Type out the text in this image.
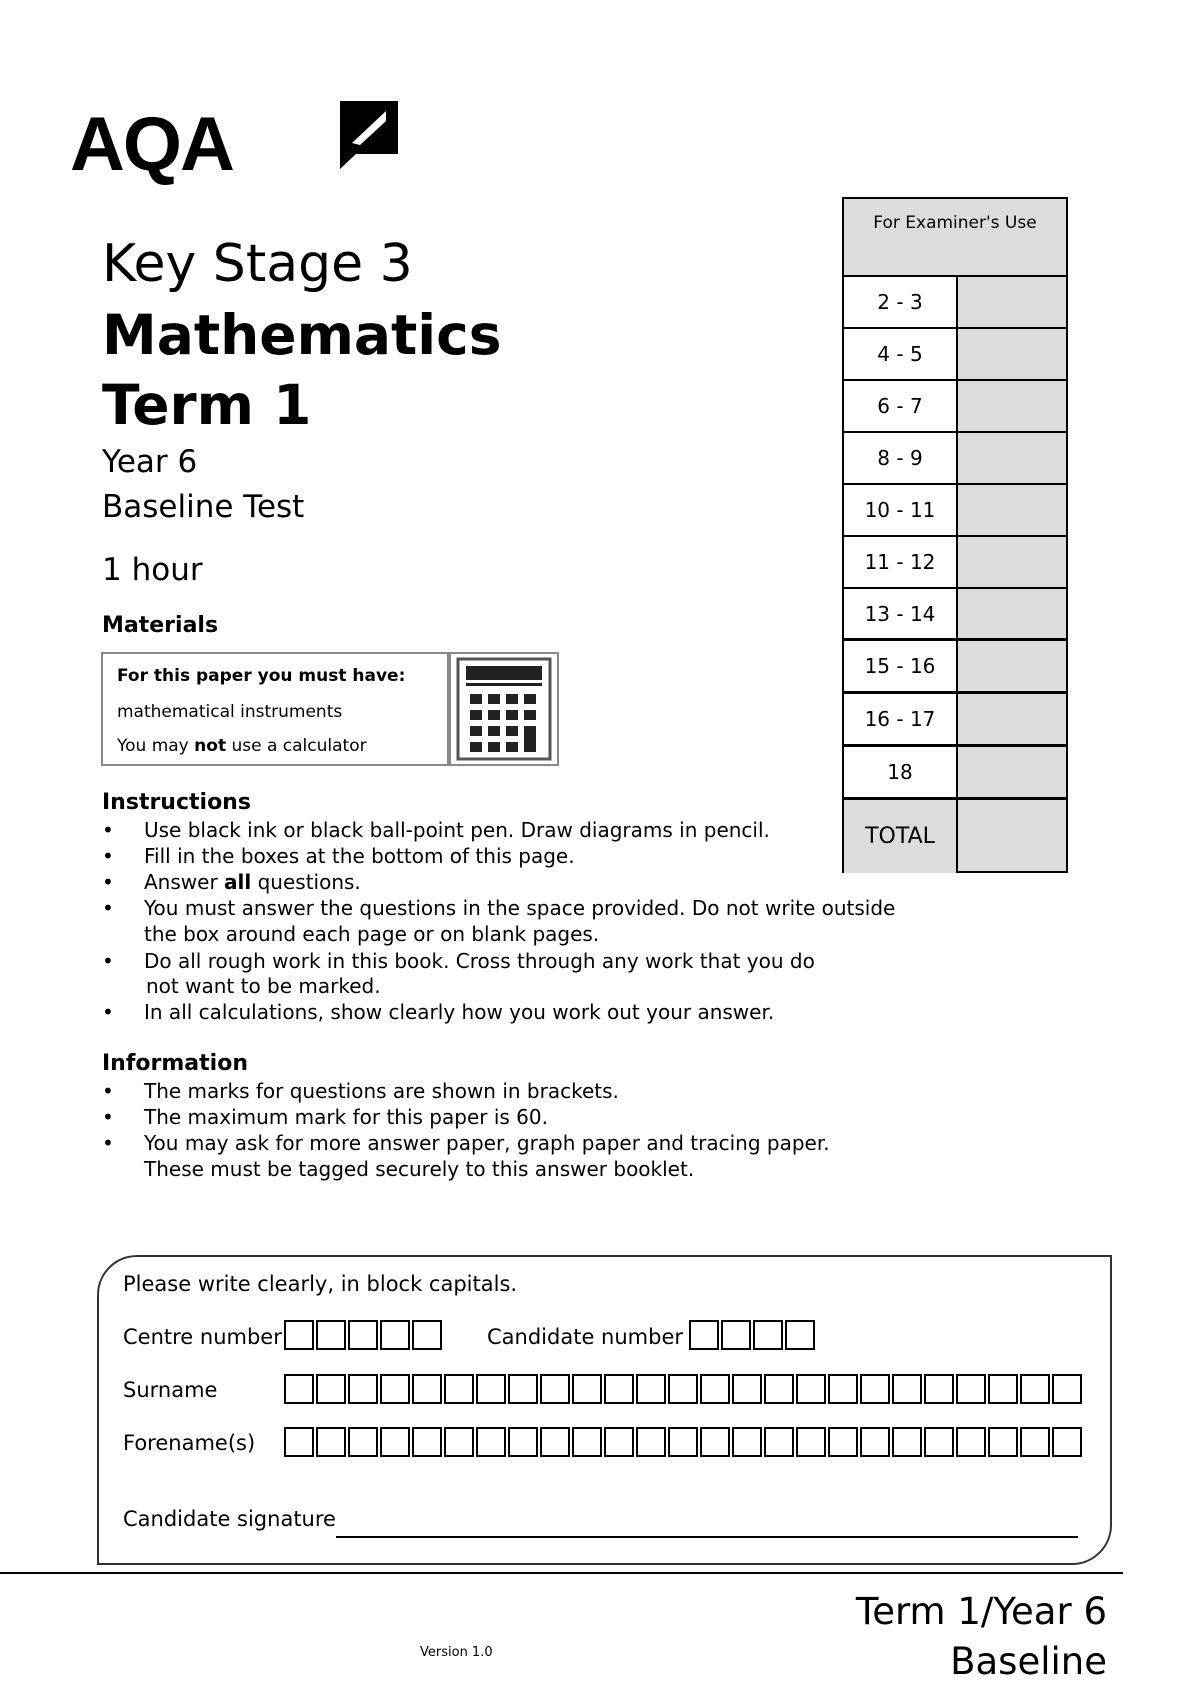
AQA
Key Stage 3
Mathematics
Term 1
Year 6
Baseline Test
1 hour
Materials
For this paper you must have:
mathematical instruments
You may not use a calculator
Instructions
• Use black ink or black ball-point pen. Draw diagrams in pencil.
• Fill in the boxes at the bottom of this page.
• Answer all questions.
• You must answer the questions in the space provided. Do not write outside
the box around each page or on blank pages.
• Do all rough work in this book. Cross through any work that you do
not want to be marked.
• In all calculations, show clearly how you work out your answer.
Information
• The marks for questions are shown in brackets.
• The maximum mark for this paper is 60.
• You may ask for more answer paper, graph paper and tracing paper.
These must be tagged securely to this answer booklet.
For Examiner's Use
2 - 3
4 - 5
6 - 7
8 - 9
10 - 11
11 - 12
13 - 14
15 - 16
16 - 17
18
TOTAL
Please write clearly, in block capitals.
Centre number	Candidate number
Surname
Forename(s)
Candidate signature
Version 1.0
Term 1/Year 6
Baseline
